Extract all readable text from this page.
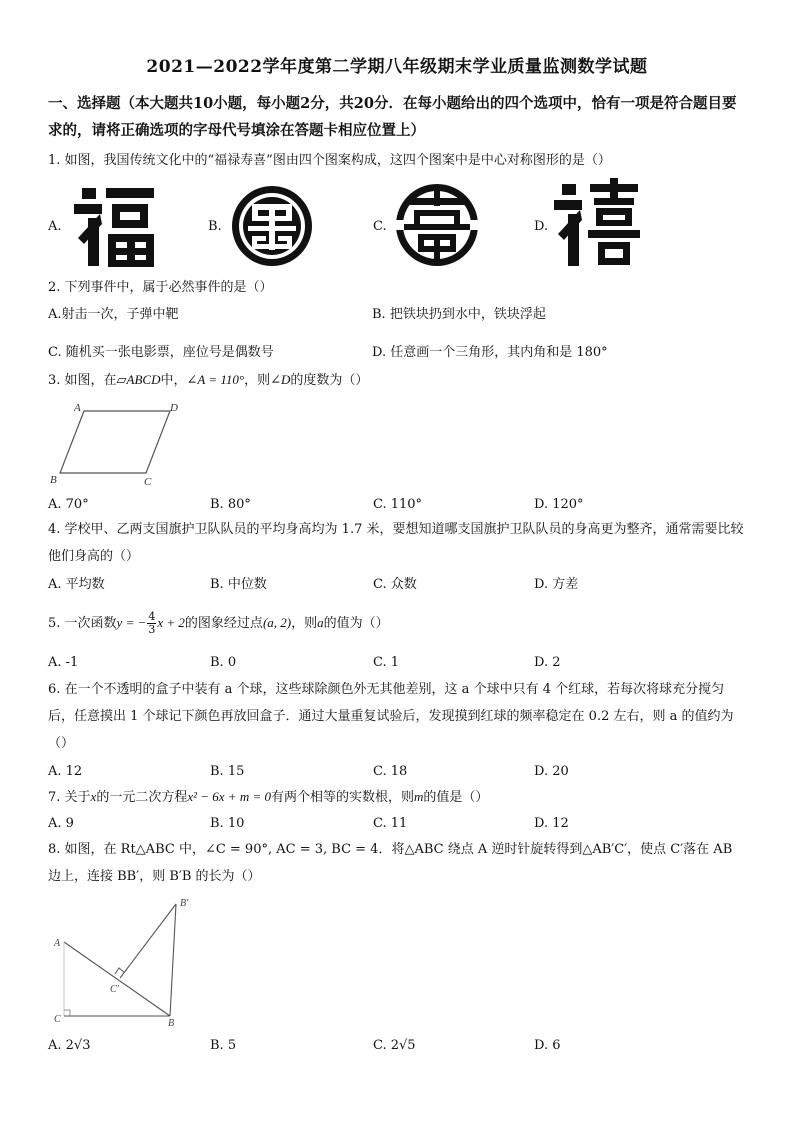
2021—2022学年度第二学期八年级期末学业质量监测数学试题
一、选择题（本大题共10小题，每小题2分，共20分．在每小题给出的四个选项中，恰有一项是符合题目要求的，请将正确选项的字母代号填涂在答题卡相应位置上）
1. 如图，我国传统文化中的“福禄寿喜”图由四个图案构成，这四个图案中是中心对称图形的是（）
A.	B.	C.	D.
2. 下列事件中，属于必然事件的是（）
A.射击一次，子弹中靶	B. 把铁块扔到水中，铁块浮起
C. 随机买一张电影票，座位号是偶数号	D. 任意画一个三角形，其内角和是 180°
3. 如图，在▱ABCD中，∠A = 110°，则∠D的度数为（）
A	D
B	C
A. 70°	B. 80°	C. 110°	D. 120°
4. 学校甲、乙两支国旗护卫队队员的平均身高均为 1.7 米，要想知道哪支国旗护卫队队员的身高更为整齐，通常需要比较他们身高的（）
A. 平均数	B. 中位数	C. 众数	D. 方差
5. 一次函数y = − $\frac{4}{3}$ x + 2的图象经过点(a, 2)，则a的值为（）
A. -1	B. 0	C. 1	D. 2
6. 在一个不透明的盒子中装有 a 个球，这些球除颜色外无其他差别，这 a 个球中只有 4 个红球，若每次将球充分搅匀后，任意摸出 1 个球记下颜色再放回盒子．通过大量重复试验后，发现摸到红球的频率稳定在 0.2 左右，则 a 的值约为（）
A. 12	B. 15	C. 18	D. 20
7. 关于x的一元二次方程x² − 6x + m = 0有两个相等的实数根，则m的值是（）
A. 9	B. 10	C. 11	D. 12
8. 如图，在 Rt△ABC 中，∠C = 90°, AC = 3, BC = 4．将△ABC 绕点 A 逆时针旋转得到△AB′C′，使点 C′落在 AB 边上，连接 BB′，则 B′B 的长为（）
A
B′
C′
C	B
A. 2√3	B. 5	C. 2√5	D. 6
